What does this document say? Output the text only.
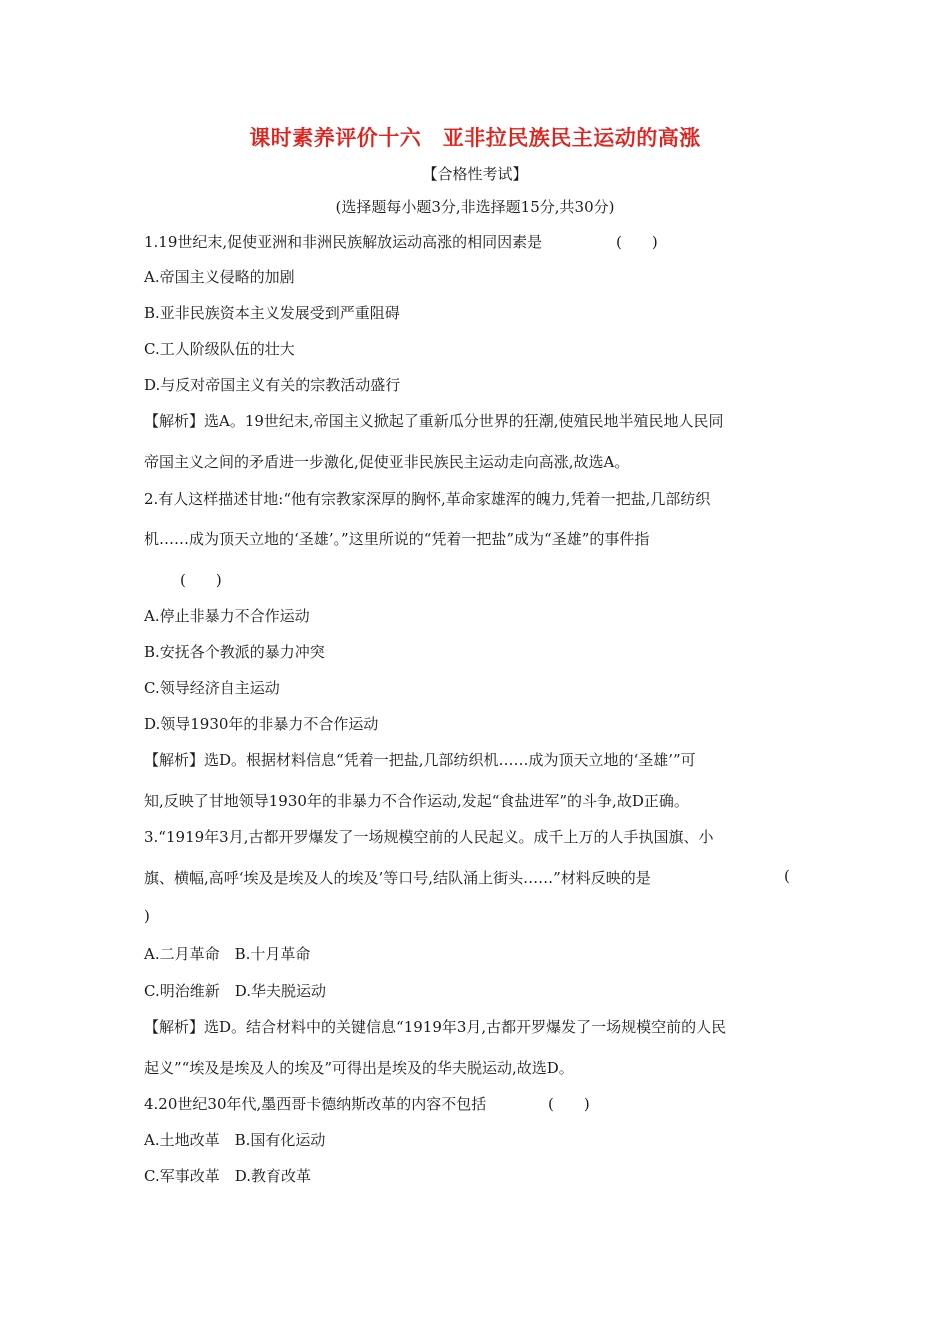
课时素养评价十六　亚非拉民族民主运动的高涨
【合格性考试】
(选择题每小题3分,非选择题15分,共30分)
1.19世纪末,促使亚洲和非洲民族解放运动高涨的相同因素是	(　　)
A.帝国主义侵略的加剧
B.亚非民族资本主义发展受到严重阻碍
C.工人阶级队伍的壮大
D.与反对帝国主义有关的宗教活动盛行
【解析】选A。19世纪末,帝国主义掀起了重新瓜分世界的狂潮,使殖民地半殖民地人民同
帝国主义之间的矛盾进一步激化,促使亚非民族民主运动走向高涨,故选A。
2.有人这样描述甘地:“他有宗教家深厚的胸怀,革命家雄浑的魄力,凭着一把盐,几部纺织
机……成为顶天立地的‘圣雄’。”这里所说的“凭着一把盐”成为“圣雄”的事件指
(　　)
A.停止非暴力不合作运动
B.安抚各个教派的暴力冲突
C.领导经济自主运动
D.领导1930年的非暴力不合作运动
【解析】选D。根据材料信息“凭着一把盐,几部纺织机……成为顶天立地的‘圣雄’”可
知,反映了甘地领导1930年的非暴力不合作运动,发起“食盐进军”的斗争,故D正确。
3.“1919年3月,古都开罗爆发了一场规模空前的人民起义。成千上万的人手执国旗、小
旗、横幅,高呼‘埃及是埃及人的埃及’等口号,结队涌上街头……”材料反映的是	(
)
A.二月革命　B.十月革命
C.明治维新　D.华夫脱运动
【解析】选D。结合材料中的关键信息“1919年3月,古都开罗爆发了一场规模空前的人民
起义”“埃及是埃及人的埃及”可得出是埃及的华夫脱运动,故选D。
4.20世纪30年代,墨西哥卡德纳斯改革的内容不包括	(　　)
A.土地改革　B.国有化运动
C.军事改革　D.教育改革
